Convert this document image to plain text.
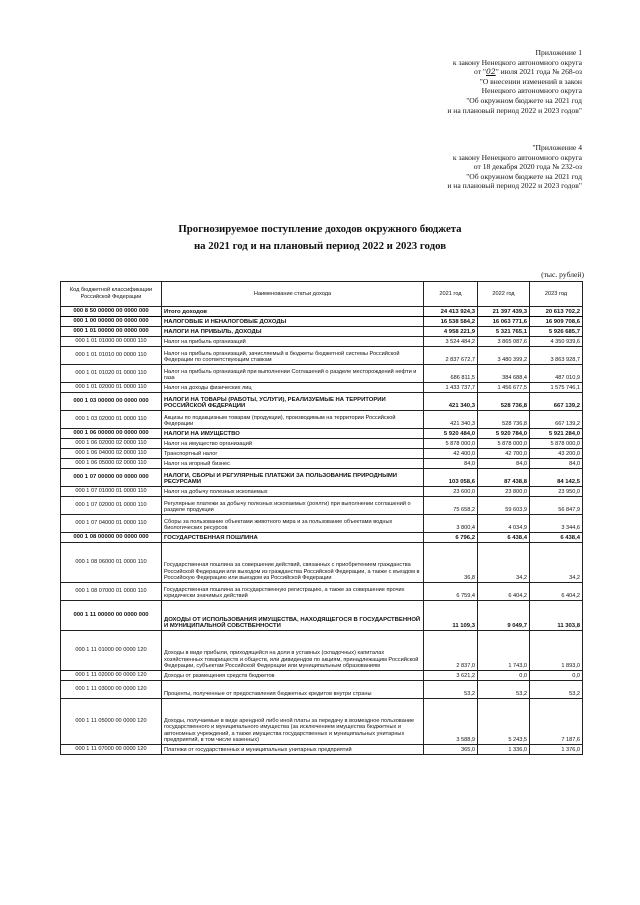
Приложение 1
к закону Ненецкого автономного округа
от "02" июля 2021 года № 268-оз
"О внесении изменений в закон
Ненецкого автономного округа
"Об окружном бюджете на 2021 год
и на плановый период 2022 и 2023 годов"
"Приложение 4
к закону Ненецкого автономного округа
от 18 декабря 2020 года № 232-оз
"Об окружном бюджете на 2021 год
и на плановый период 2022 и 2023 годов"
Прогнозируемое поступление доходов окружного бюджета
на 2021 год и на плановый период 2022 и 2023 годов
(тыс. рублей)
Код бюджетной классификации Российской Федерации	Наименование статьи дохода	2021 год	2022 год	2023 год
000 8 50 00000 00 0000 000	Итого доходов	24 413 924,3	21 397 439,3	20 613 702,2
000 1 00 00000 00 0000 000	НАЛОГОВЫЕ И НЕНАЛОГОВЫЕ ДОХОДЫ	16 538 584,2	16 063 771,6	16 909 708,6
000 1 01 00000 00 0000 000	НАЛОГИ НА ПРИБЫЛЬ, ДОХОДЫ	4 958 221,9	5 321 765,1	5 926 685,7
000 1 01 01000 00 0000 110	Налог на прибыль организаций	3 524 484,2	3 865 087,6	4 350 939,6
000 1 01 01010 00 0000 110	Налог на прибыль организаций, зачисляемый в бюджеты бюджетной системы Российской Федерации по соответствующим ставкам	2 837 672,7	3 480 399,2	3 863 928,7
000 1 01 01020 01 0000 110	Налог на прибыль организаций при выполнении Соглашений о разделе месторождений нефти и газа	686 811,5	384 688,4	487 010,9
000 1 01 02000 01 0000 110	Налог на доходы физических лиц	1 433 737,7	1 456 677,5	1 575 746,1
000 1 03 00000 00 0000 000	НАЛОГИ НА ТОВАРЫ (РАБОТЫ, УСЛУГИ), РЕАЛИЗУЕМЫЕ НА ТЕРРИТОРИИ РОССИЙСКОЙ ФЕДЕРАЦИИ	421 340,3	528 736,8	667 139,2
000 1 03 02000 01 0000 110	Акцизы по подакцизным товарам (продукции), производимым на территории Российской Федерации	421 340,3	528 736,8	667 139,2
000 1 06 00000 00 0000 000	НАЛОГИ НА ИМУЩЕСТВО	5 920 484,0	5 920 784,0	5 921 284,0
000 1 06 02000 02 0000 110	Налог на имущество организаций	5 878 000,0	5 878 000,0	5 878 000,0
000 1 06 04000 02 0000 110	Транспортный налог	42 400,0	42 700,0	43 200,0
000 1 06 05000 02 0000 110	Налог на игорный бизнес	84,0	84,0	84,0
000 1 07 00000 00 0000 000	НАЛОГИ, СБОРЫ И РЕГУЛЯРНЫЕ ПЛАТЕЖИ ЗА ПОЛЬЗОВАНИЕ ПРИРОДНЫМИ РЕСУРСАМИ	103 058,6	87 438,8	84 142,5
000 1 07 01000 01 0000 110	Налог на добычу полезных ископаемых	23 600,0	23 800,0	23 950,0
000 1 07 02000 01 0000 110	Регулярные платежи за добычу полезных ископаемых (роялти) при выполнении соглашений о разделе продукции	75 658,2	59 603,9	56 847,9
000 1 07 04000 01 0000 110	Сборы за пользование объектами животного мира и за пользование объектами водных биологических ресурсов	3 800,4	4 034,9	3 344,6
000 1 08 00000 00 0000 000	ГОСУДАРСТВЕННАЯ ПОШЛИНА	6 796,2	6 438,4	6 438,4
000 1 08 06000 01 0000 110	Государственная пошлина за совершение действий, связанных с приобретением гражданства Российской Федерации или выходом из гражданства Российской Федерации, а также с въездом в Российскую Федерацию или выездом из Российской Федерации	36,8	34,2	34,2
000 1 08 07000 01 0000 110	Государственная пошлина за государственную регистрацию, а также за совершение прочих юридически значимых действий	6 759,4	6 404,2	6 404,2
000 1 11 00000 00 0000 000	ДОХОДЫ ОТ ИСПОЛЬЗОВАНИЯ ИМУЩЕСТВА, НАХОДЯЩЕГОСЯ В ГОСУДАРСТВЕННОЙ И МУНИЦИПАЛЬНОЙ СОБСТВЕННОСТИ	11 109,3	9 049,7	11 303,8
000 1 11 01000 00 0000 120	Доходы в виде прибыли, приходящейся на доли в уставных (складочных) капиталах хозяйственных товариществ и обществ, или дивидендов по акциям, принадлежащим Российской Федерации, субъектам Российской Федерации или муниципальным образованиям	2 837,0	1 743,0	1 893,0
000 1 11 02000 00 0000 120	Доходы от размещения средств бюджетов	3 621,2	0,0	0,0
000 1 11 03000 00 0000 120	Проценты, полученные от предоставления бюджетных кредитов внутри страны	53,2	53,2	53,2
000 1 11 05000 00 0000 120	Доходы, получаемые в виде арендной либо иной платы за передачу в возмездное пользование государственного и муниципального имущества (за исключением имущества бюджетных и автономных учреждений, а также имущества государственных и муниципальных унитарных предприятий, в том числе казенных)	3 588,9	5 243,5	7 187,6
000 1 11 07000 00 0000 120	Платежи от государственных и муниципальных унитарных предприятий	365,0	1 336,0	1 376,0
